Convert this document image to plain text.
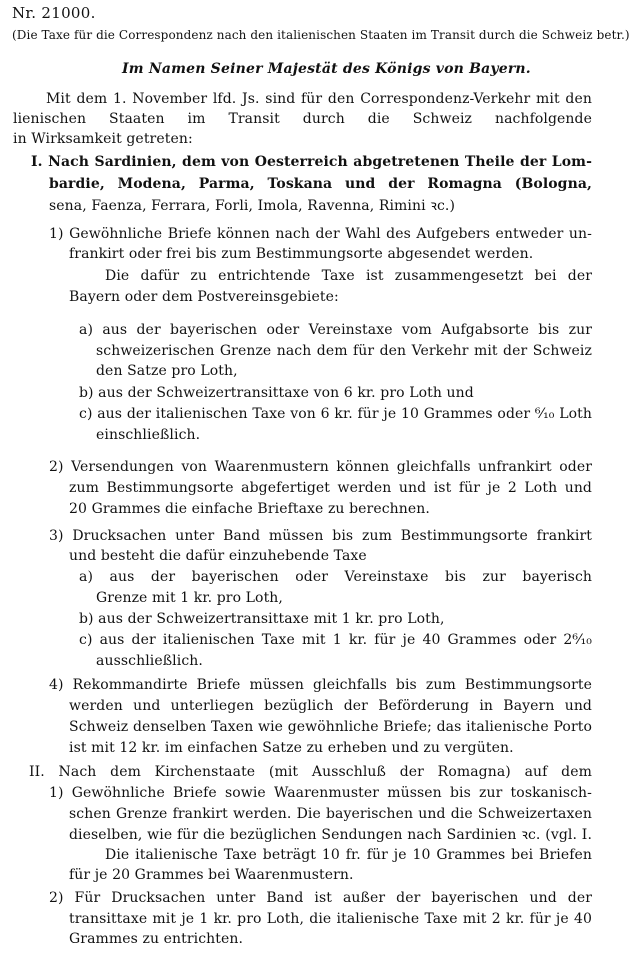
Nr. 21000.
(Die Taxe für die Correspondenz nach den italienischen Staaten im Transit durch die Schweiz betr.)
Im Namen Seiner Majestät des Königs von Bayern.
Mit dem 1. November lfd. Js. sind für den Correspondenz-Verkehr mit den
lienischen Staaten im Transit durch die Schweiz nachfolgende
in Wirksamkeit getreten:
I. Nach Sardinien, dem von Oesterreich abgetretenen Theile der Lom-
bardie, Modena, Parma, Toskana und der Romagna (Bologna,
sena, Faenza, Ferrara, Forli, Imola, Ravenna, Rimini ꝛc.)
1) Gewöhnliche Briefe können nach der Wahl des Aufgebers entweder un-
frankirt oder frei bis zum Bestimmungsorte abgesendet werden.
Die dafür zu entrichtende Taxe ist zusammengesetzt bei der
Bayern oder dem Postvereinsgebiete:
a) aus der bayerischen oder Vereinstaxe vom Aufgabsorte bis zur
schweizerischen Grenze nach dem für den Verkehr mit der Schweiz
den Satze pro Loth,
b) aus der Schweizertransittaxe von 6 kr. pro Loth und
c) aus der italienischen Taxe von 6 kr. für je 10 Grammes oder ⁶⁄₁₀ Loth
einschließlich.
2) Versendungen von Waarenmustern können gleichfalls unfrankirt oder
zum Bestimmungsorte abgefertiget werden und ist für je 2 Loth und
20 Grammes die einfache Brieftaxe zu berechnen.
3) Drucksachen unter Band müssen bis zum Bestimmungsorte frankirt
und besteht die dafür einzuhebende Taxe
a) aus der bayerischen oder Vereinstaxe bis zur bayerisch
Grenze mit 1 kr. pro Loth,
b) aus der Schweizertransittaxe mit 1 kr. pro Loth,
c) aus der italienischen Taxe mit 1 kr. für je 40 Grammes oder 2⁶⁄₁₀
ausschließlich.
4) Rekommandirte Briefe müssen gleichfalls bis zum Bestimmungsorte
werden und unterliegen bezüglich der Beförderung in Bayern und
Schweiz denselben Taxen wie gewöhnliche Briefe; das italienische Porto
ist mit 12 kr. im einfachen Satze zu erheben und zu vergüten.
II. Nach dem Kirchenstaate (mit Ausschluß der Romagna) auf dem
1) Gewöhnliche Briefe sowie Waarenmuster müssen bis zur toskanisch-
schen Grenze frankirt werden. Die bayerischen und die Schweizertaxen
dieselben, wie für die bezüglichen Sendungen nach Sardinien ꝛc. (vgl. I.
Die italienische Taxe beträgt 10 fr. für je 10 Grammes bei Briefen
für je 20 Grammes bei Waarenmustern.
2) Für Drucksachen unter Band ist außer der bayerischen und der
transittaxe mit je 1 kr. pro Loth, die italienische Taxe mit 2 kr. für je 40
Grammes zu entrichten.
